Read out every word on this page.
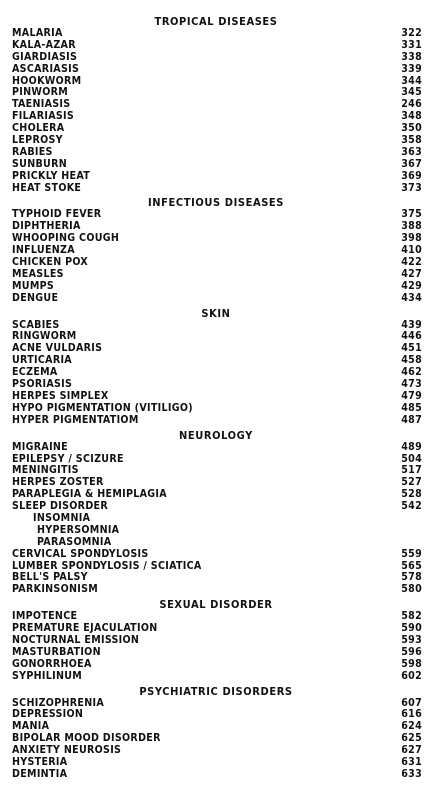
TROPICAL DISEASES
MALARIA	322
KALA-AZAR	331
GIARDIASIS	338
ASCARIASIS	339
HOOKWORM	344
PINWORM	345
TAENIASIS	246
FILARIASIS	348
CHOLERA	350
LEPROSY	358
RABIES	363
SUNBURN	367
PRICKLY HEAT	369
HEAT STOKE	373
INFECTIOUS DISEASES
TYPHOID FEVER	375
DIPHTHERIA	388
WHOOPING COUGH	398
INFLUENZA	410
CHICKEN POX	422
MEASLES	427
MUMPS	429
DENGUE	434
SKIN
SCABIES	439
RINGWORM	446
ACNE VULDARIS	451
URTICARIA	458
ECZEMA	462
PSORIASIS	473
HERPES SIMPLEX	479
HYPO PIGMENTATION (VITILIGO)	485
HYPER PIGMENTATIOM	487
NEUROLOGY
MIGRAINE	489
EPILEPSY / SCIZURE	504
MENINGITIS	517
HERPES ZOSTER	527
PARAPLEGIA & HEMIPLAGIA	528
SLEEP DISORDER	542
INSOMNIA
HYPERSOMNIA
PARASOMNIA
CERVICAL SPONDYLOSIS	559
LUMBER SPONDYLOSIS / SCIATICA	565
BELL'S PALSY	578
PARKINSONISM	580
SEXUAL DISORDER
IMPOTENCE	582
PREMATURE EJACULATION	590
NOCTURNAL EMISSION	593
MASTURBATION	596
GONORRHOEA	598
SYPHILINUM	602
PSYCHIATRIC DISORDERS
SCHIZOPHRENIA	607
DEPRESSION	616
MANIA	624
BIPOLAR MOOD DISORDER	625
ANXIETY NEUROSIS	627
HYSTERIA	631
DEMINTIA	633
